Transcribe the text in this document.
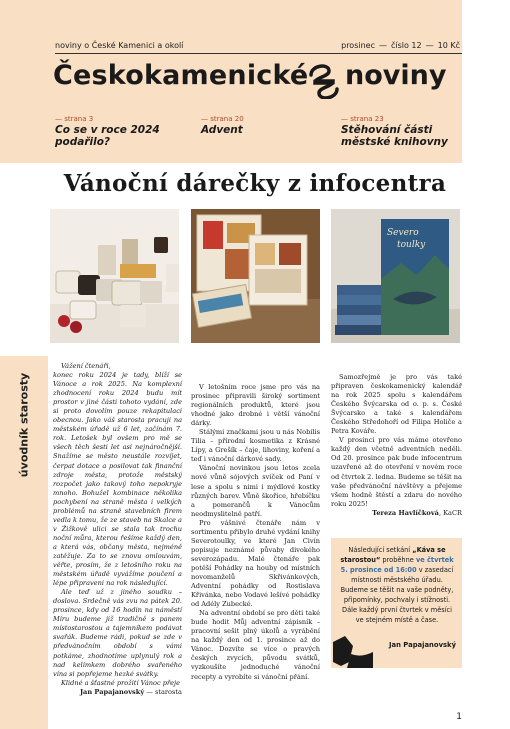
noviny o České Kamenici a okolí	prosinec — číslo 12 — 10 Kč
Českokamenické noviny
— strana 3
Co se v roce 2024 podařilo?
— strana 20
Advent
— strana 23
Stěhování části městské knihovny
Vánoční dárečky z infocentra
Severo
toulky
úvodník starosty

Vážení čtenáři,

konec roku 2024 je tady, blíží se Vánoce a rok 2025. Na komplexní zhodnocení roku 2024 budu mít prostor v jiné části tohoto vydání, zde si proto dovolím pouze rekapitulaci obecnou. Jako váš starosta pracuji na městském úřadě už 6 let, začínám 7. rok. Letošek byl ovšem pro mě se všech těch šesti let asi nejnáročnější. Snažíme se město neustále rozvíjet, čerpat dotace a posilovat tak finanční zdroje města, protože městský rozpočet jako takový toho nepokryje mnoho. Bohužel kombinace několika pochybení na straně města i velkých problémů na straně stavebních firem vedla k tomu, že ze staveb na Skalce a v Žižkově ulici se stala tak trochu noční můra, kterou řešíme každý den, a která vás, občany města, nejméně zatěžuje. Za to se znovu omlouvám, věřte, prosím, že z letošního roku na městském úřadě vyvážíme poučení a lépe připraveni na rok následující.

Ale teď už z jiného soudku – doslova. Srdečně vás zvu na pátek 20. prosince, kdy od 16 hodin na náměstí Míru budeme již tradičně s panem místostarostou a tajemníkem podávat svařák. Budeme rádi, pokud se zde v předvánočním období s vámi potkáme, zhodnotíme uplynulý rok a nad kelímkem dobrého svařeného vína si popřejeme hezké svátky.

Klidné a šťastné prožití Vánoc přeje

Jan Papajanovský — starosta

V letošním roce jsme pro vás na prosinec připravili široký sortiment regionálních produktů, které jsou vhodné jako drobné i větší vánoční dárky.

Stálými značkami jsou u nás Nobilis Tilia – přírodní kosmetika z Krásné Lípy, a Grešík – čaje, lihoviny, koření a teď i vánoční dárkové sady.

Vánoční novinkou jsou letos zcela nové vůně sójových svíček od Paní v lese a spolu s nimi i mýdlové kostky různých barev. Vůně škořice, hřebíčku a pomerančů k Vánocům neodmyslitelně patří.

Pro vášnivé čtenáře nám v sortimentu přibylo druhé vydání knihy Severotoulky, ve které Jan Civín popisuje neznámé půvaby divokého severozápadu. Malé čtenáře pak potěší Pohádky na houby od místních novomanželů Skřivánkových, Adventní pohádky od Rostislava Křivánka, nebo Vodavé lešívé pohádky od Adély Zubecké.

Na adventní období se pro děti také bude hodit Můj adventní zápisník – pracovní sešit plný úkolů a vyrábění na každý den od 1. prosince až do Vánoc. Dozvíte se více o pravých českých zvycích, původu svátků, vyzkoušíte jednoduché vánoční recepty a vyrobíte si vánoční přání.

Samozřejmě je pro vás také připraven českokamenický kalendář na rok 2025 spolu s kalendářem Českého Švýcarska od o. p. s. České Švýcarsko a také s kalendářem Českého Středohoří od Filipa Holiče a Petra Kováře.

V prosinci pro vás máme otevřeno každý den včetně adventních neděli. Od 20. prosince pak bude infocentrum uzavřené až do otevření v novém roce od čtvrtek 2. ledna. Budeme se těšit na vaše předvánoční návštěvy a přejeme všem hodně štěstí a zdaru do nového roku 2025!

Tereza Havlíčková, KaCR

Následující setkání „Káva se starostou“ proběhne ve čtvrtek 5. prosince od 16:00 v zasedací místnosti městského úřadu. Budeme se těšit na vaše podněty, připomínky, pochvaly i stížnosti. Dále každý první čtvrtek v měsíci ve stejném místě a čase.
Jan Papajanovský
1
